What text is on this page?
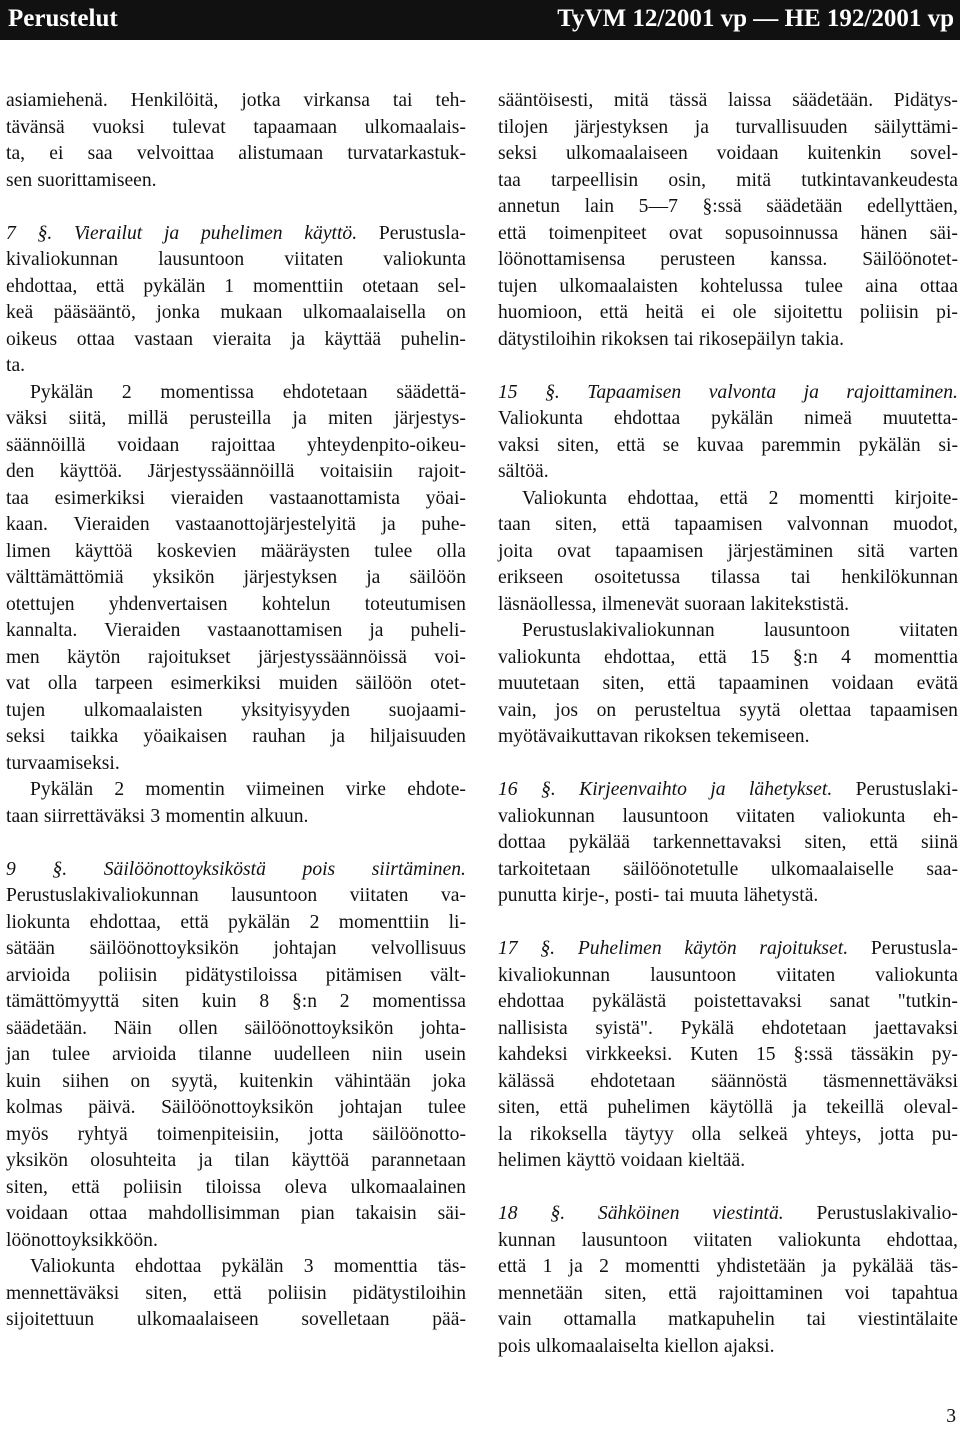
Perustelut	TyVM 12/2001 vp — HE 192/2001 vp
asiamiehenä. Henkilöitä, jotka virkansa tai teh-
tävänsä vuoksi tulevat tapaamaan ulkomaalais-
ta, ei saa velvoittaa alistumaan turvatarkastuk-
sen suorittamiseen.
7 §. Vierailut ja puhelimen käyttö. Perustusla-
kivaliokunnan lausuntoon viitaten valiokunta
ehdottaa, että pykälän 1 momenttiin otetaan sel-
keä pääsääntö, jonka mukaan ulkomaalaisella on
oikeus ottaa vastaan vieraita ja käyttää puhelin-
ta.
Pykälän 2 momentissa ehdotetaan säädettä-
väksi siitä, millä perusteilla ja miten järjestys-
säännöillä voidaan rajoittaa yhteydenpito-oikeu-
den käyttöä. Järjestyssäännöillä voitaisiin rajoit-
taa esimerkiksi vieraiden vastaanottamista yöai-
kaan. Vieraiden vastaanottojärjestelyitä ja puhe-
limen käyttöä koskevien määräysten tulee olla
välttämättömiä yksikön järjestyksen ja säilöön
otettujen yhdenvertaisen kohtelun toteutumisen
kannalta. Vieraiden vastaanottamisen ja puheli-
men käytön rajoitukset järjestyssäännöissä voi-
vat olla tarpeen esimerkiksi muiden säilöön otet-
tujen ulkomaalaisten yksityisyyden suojaami-
seksi taikka yöaikaisen rauhan ja hiljaisuuden
turvaamiseksi.
Pykälän 2 momentin viimeinen virke ehdote-
taan siirrettäväksi 3 momentin alkuun.
9 §. Säilöönottoyksiköstä pois siirtäminen.
Perustuslakivaliokunnan lausuntoon viitaten va-
liokunta ehdottaa, että pykälän 2 momenttiin li-
sätään säilöönottoyksikön johtajan velvollisuus
arvioida poliisin pidätystiloissa pitämisen vält-
tämättömyyttä siten kuin 8 §:n 2 momentissa
säädetään. Näin ollen säilöönottoyksikön johta-
jan tulee arvioida tilanne uudelleen niin usein
kuin siihen on syytä, kuitenkin vähintään joka
kolmas päivä. Säilöönottoyksikön johtajan tulee
myös ryhtyä toimenpiteisiin, jotta säilöönotto-
yksikön olosuhteita ja tilan käyttöä parannetaan
siten, että poliisin tiloissa oleva ulkomaalainen
voidaan ottaa mahdollisimman pian takaisin säi-
löönottoyksikköön.
Valiokunta ehdottaa pykälän 3 momenttia täs-
mennettäväksi siten, että poliisin pidätystiloihin
sijoitettuun ulkomaalaiseen sovelletaan pää-
sääntöisesti, mitä tässä laissa säädetään. Pidätys-
tilojen järjestyksen ja turvallisuuden säilyttämi-
seksi ulkomaalaiseen voidaan kuitenkin sovel-
taa tarpeellisin osin, mitä tutkintavankeudesta
annetun lain 5—7 §:ssä säädetään edellyttäen,
että toimenpiteet ovat sopusoinnussa hänen säi-
löönottamisensa perusteen kanssa. Säilöönotet-
tujen ulkomaalaisten kohtelussa tulee aina ottaa
huomioon, että heitä ei ole sijoitettu poliisin pi-
dätystiloihin rikoksen tai rikosepäilyn takia.
15 §. Tapaamisen valvonta ja rajoittaminen.
Valiokunta ehdottaa pykälän nimeä muutetta-
vaksi siten, että se kuvaa paremmin pykälän si-
sältöä.
Valiokunta ehdottaa, että 2 momentti kirjoite-
taan siten, että tapaamisen valvonnan muodot,
joita ovat tapaamisen järjestäminen sitä varten
erikseen osoitetussa tilassa tai henkilökunnan
läsnäollessa, ilmenevät suoraan lakitekstistä.
Perustuslakivaliokunnan	lausuntoon	viitaten
valiokunta ehdottaa, että 15 §:n 4 momenttia
muutetaan siten, että tapaaminen voidaan evätä
vain, jos on perusteltua syytä olettaa tapaamisen
myötävaikuttavan rikoksen tekemiseen.
16 §. Kirjeenvaihto ja lähetykset. Perustuslaki-
valiokunnan lausuntoon viitaten valiokunta eh-
dottaa pykälää tarkennettavaksi siten, että siinä
tarkoitetaan säilöönotetulle ulkomaalaiselle saa-
punutta kirje-, posti- tai muuta lähetystä.
17 §. Puhelimen käytön rajoitukset. Perustusla-
kivaliokunnan lausuntoon viitaten valiokunta
ehdottaa pykälästä poistettavaksi sanat "tutkin-
nallisista syistä". Pykälä ehdotetaan jaettavaksi
kahdeksi virkkeeksi. Kuten 15 §:ssä tässäkin py-
kälässä ehdotetaan säännöstä täsmennettäväksi
siten, että puhelimen käytöllä ja tekeillä oleval-
la rikoksella täytyy olla selkeä yhteys, jotta pu-
helimen käyttö voidaan kieltää.
18 §. Sähköinen viestintä. Perustuslakivalio-
kunnan lausuntoon viitaten valiokunta ehdottaa,
että 1 ja 2 momentti yhdistetään ja pykälää täs-
mennetään siten, että rajoittaminen voi tapahtua
vain ottamalla matkapuhelin tai viestintälaite
pois ulkomaalaiselta kiellon ajaksi.
3
